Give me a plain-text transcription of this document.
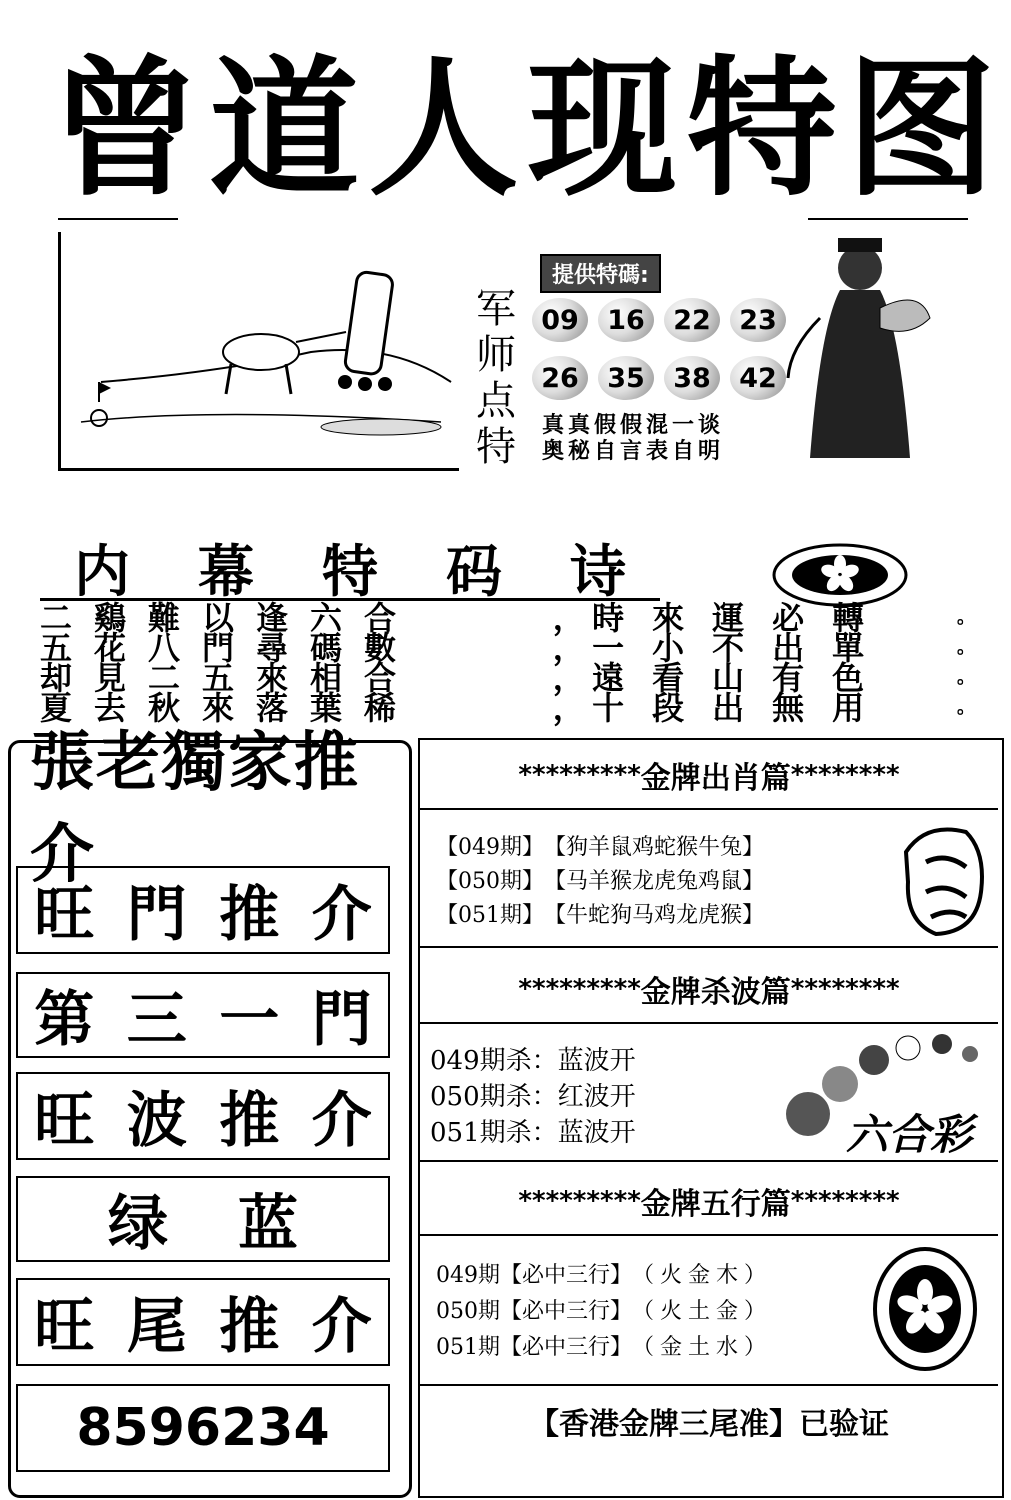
曾 道 人 现 特 图
军
师
点
特
提供特碼:
09	16	22	23
26	35	38	42
真真假假混一谈
奥秘自言表自明
内 幕 特 码 诗
二鷄難以逢六合	， 時來運必轉	。
五花八門尋碼數	， 一小不出單	。
却見二五來相合	， 遠看山有色	。
夏去秋來落葉稀	， 十段出無用	。
張老獨家推介
旺 門 推 介
第 三 一 門
旺 波 推 介
绿 蓝
旺 尾 推 介
8596234
********* 金牌出肖篇 ********
【049期】 【狗羊鼠鸡蛇猴牛兔】
【050期】 【马羊猴龙虎兔鸡鼠】
【051期】 【牛蛇狗马鸡龙虎猴】
********* 金牌杀波篇 ********
049期杀：蓝波开
050期杀：红波开
051期杀：蓝波开	六合彩
********* 金牌五行篇 ********
049期 【必中三行】 （火金木）
050期 【必中三行】 （火土金）
051期 【必中三行】 （金土水）
【香港金牌三尾准】已验证
